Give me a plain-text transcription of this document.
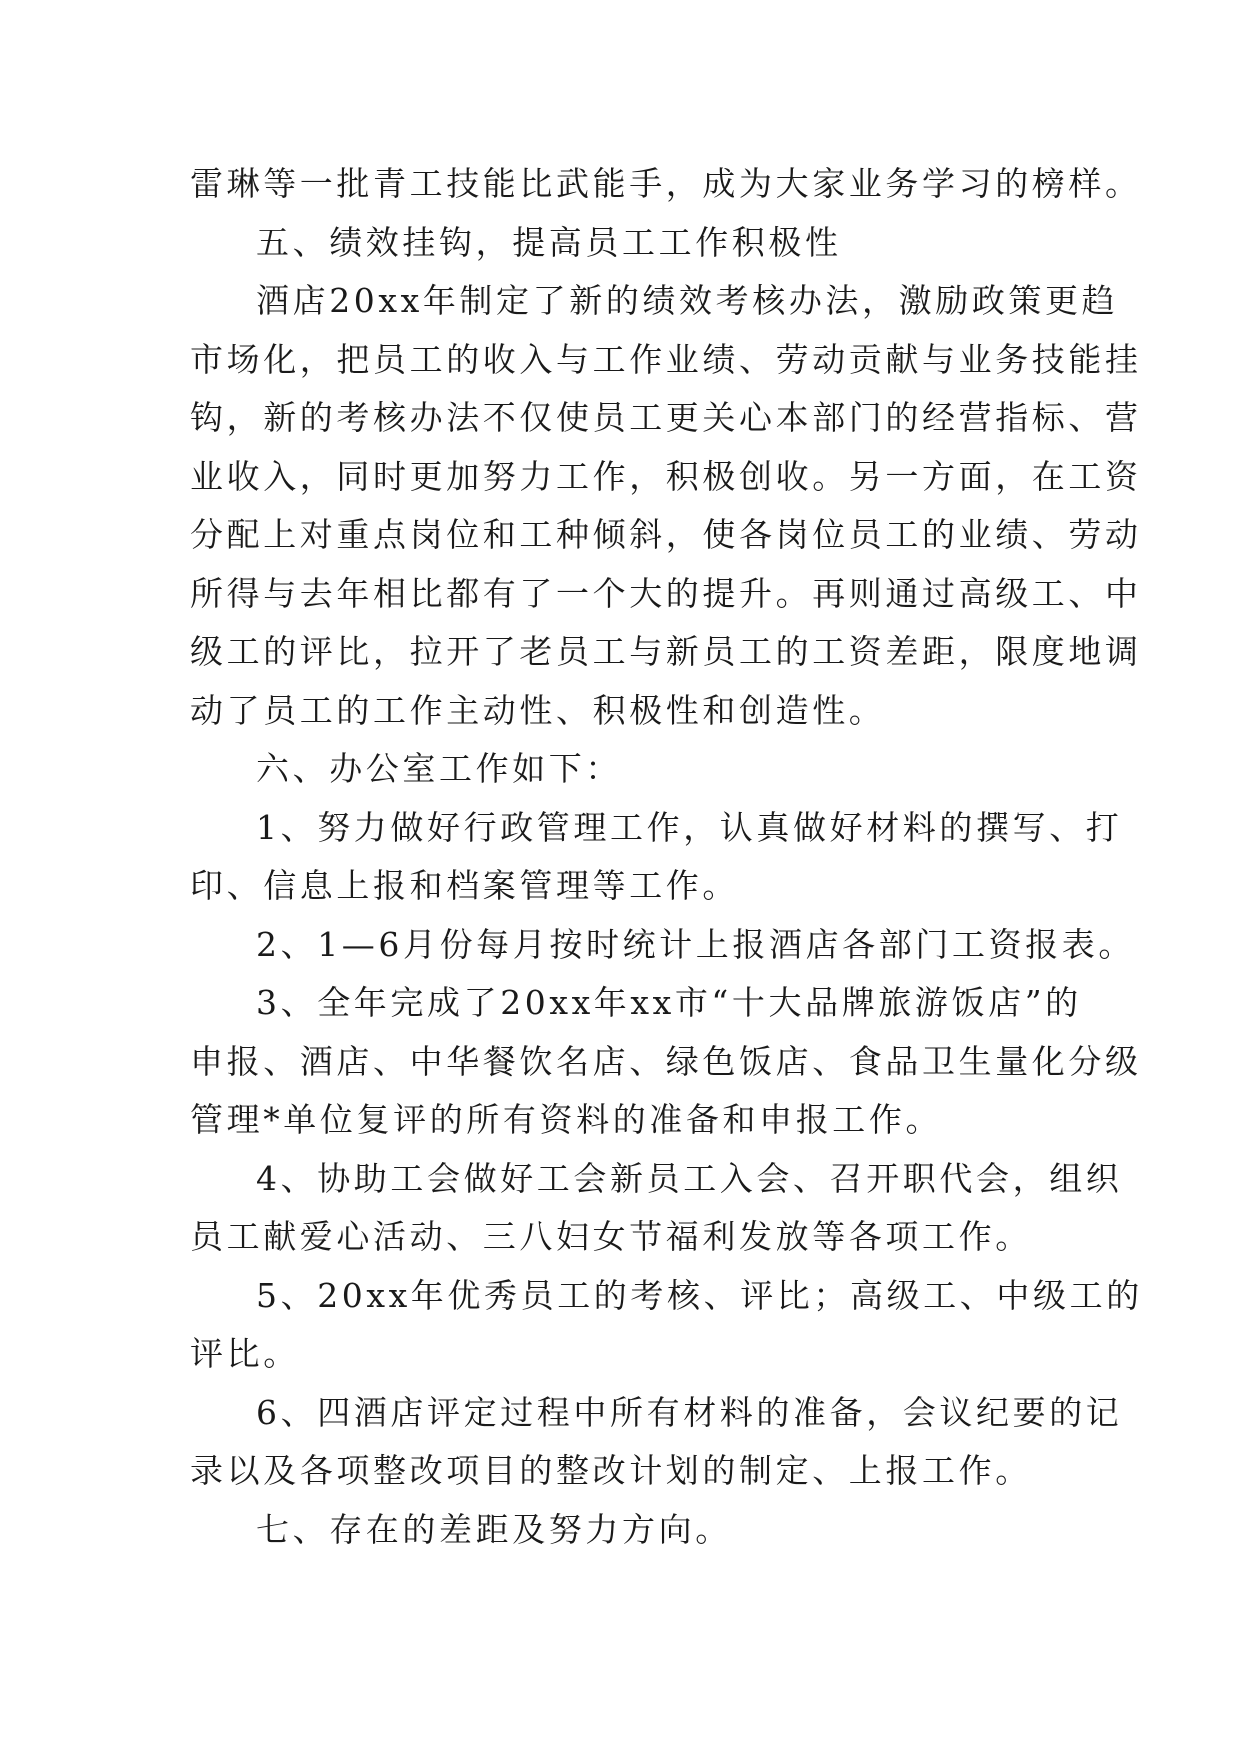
雷琳等一批青工技能比武能手，成为大家业务学习的榜样。
五、绩效挂钩，提高员工工作积极性
酒店20xx年制定了新的绩效考核办法，激励政策更趋
市场化，把员工的收入与工作业绩、劳动贡献与业务技能挂
钩，新的考核办法不仅使员工更关心本部门的经营指标、营
业收入，同时更加努力工作，积极创收。另一方面，在工资
分配上对重点岗位和工种倾斜，使各岗位员工的业绩、劳动
所得与去年相比都有了一个大的提升。再则通过高级工、中
级工的评比，拉开了老员工与新员工的工资差距，限度地调
动了员工的工作主动性、积极性和创造性。
六、办公室工作如下：
1、努力做好行政管理工作，认真做好材料的撰写、打
印、信息上报和档案管理等工作。
2、1—6月份每月按时统计上报酒店各部门工资报表。
3、全年完成了20xx年xx市“十大品牌旅游饭店”的
申报、酒店、中华餐饮名店、绿色饭店、食品卫生量化分级
管理*单位复评的所有资料的准备和申报工作。
4、协助工会做好工会新员工入会、召开职代会，组织
员工献爱心活动、三八妇女节福利发放等各项工作。
5、20xx年优秀员工的考核、评比；高级工、中级工的
评比。
6、四酒店评定过程中所有材料的准备，会议纪要的记
录以及各项整改项目的整改计划的制定、上报工作。
七、存在的差距及努力方向。
